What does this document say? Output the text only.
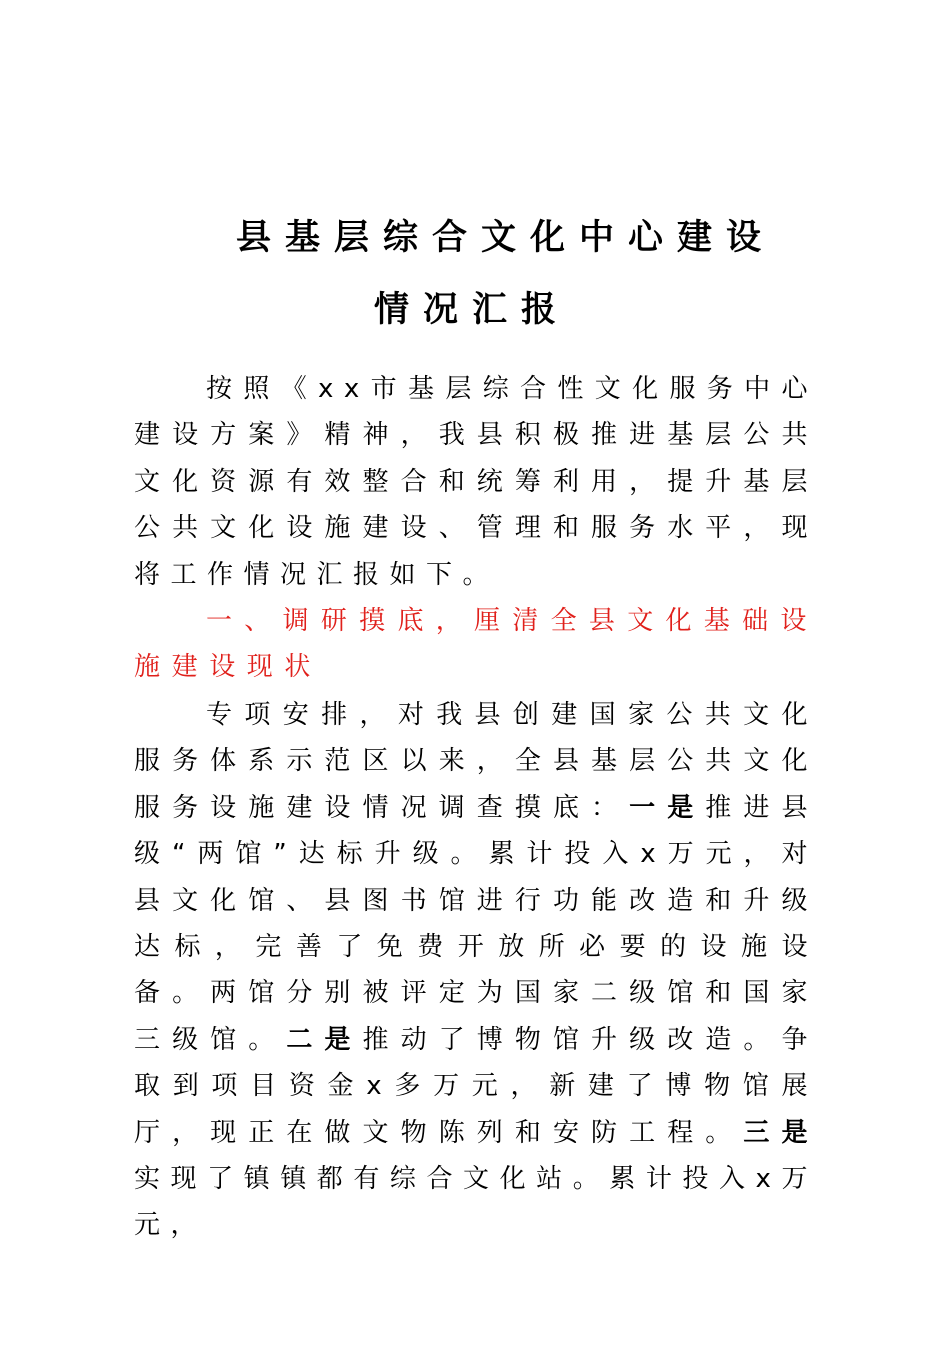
县基层综合文化中心建设
情况汇报

按照《xx市基层综合性文化服务中心建设方案》精神，我县积极推进基层公共文化资源有效整合和统筹利用，提升基层公共文化设施建设、管理和服务水平，现将工作情况汇报如下。

一、调研摸底，厘清全县文化基础设施建设现状

专项安排，对我县创建国家公共文化服务体系示范区以来，全县基层公共文化服务设施建设情况调查摸底：一是推进县级“两馆”达标升级。累计投入x万元，对县文化馆、县图书馆进行功能改造和升级达标，完善了免费开放所必要的设施设备。两馆分别被评定为国家二级馆和国家三级馆。二是推动了博物馆升级改造。争取到项目资金x多万元，新建了博物馆展厅，现正在做文物陈列和安防工程。三是实现了镇镇都有综合文化站。累计投入x万元，
